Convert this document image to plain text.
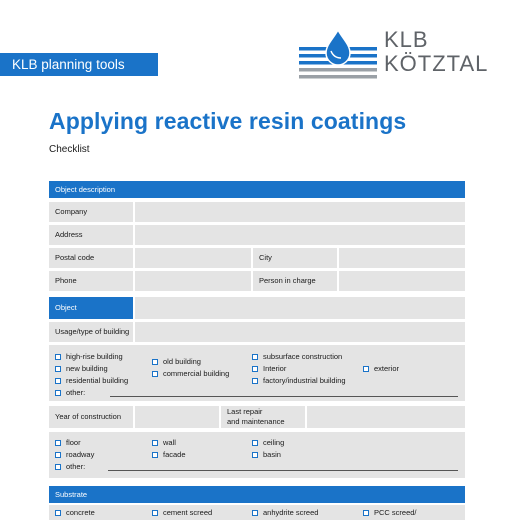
KLB planning tools
KLB
KÖTZTAL
Applying reactive resin coatings
Checklist
Object description
Company
Address
Postal code	City
Phone	Person in charge
Object
Usage/type of building
high-rise building
new building
residential building
other:
old building
commercial building
subsurface construction
Interior
factory/industrial building
exterior
Year of construction
Last repair
and maintenance
floor
roadway
other:
wall
facade
ceiling
basin
Substrate
concrete	cement screed	anhydrite screed	PCC screed/
